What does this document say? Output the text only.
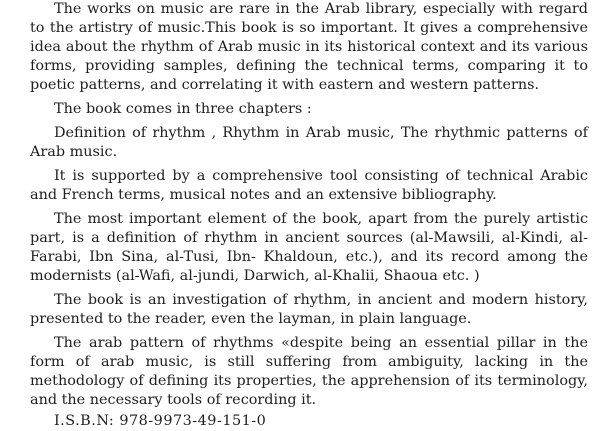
The works on music are rare in the Arab library, especially with regard to the artistry of music.This book is so important. It gives a comprehensive idea about the rhythm of Arab music in its historical context and its various forms, providing samples, defining the technical terms, comparing it to poetic patterns, and correlating it with eastern and western patterns.

The book comes in three chapters :

Definition of rhythm , Rhythm in Arab music, The rhythmic patterns of Arab music.

It is supported by a comprehensive tool consisting of technical Arabic and French terms, musical notes and an extensive bibliography.

The most important element of the book, apart from the purely artistic part, is a definition of rhythm in ancient sources (al-Mawsili, al-Kindi, al- Farabi, Ibn Sina, al-Tusi, Ibn- Khaldoun, etc.), and its record among the modernists (al-Wafi, al-jundi, Darwich, al-Khalii, Shaoua etc. )

The book is an investigation of rhythm, in ancient and modern history, presented to the reader, even the layman, in plain language.

The arab pattern of rhythms «despite being an essential pillar in the form of arab music, is still suffering from ambiguity, lacking in the methodology of defining its properties, the apprehension of its terminology, and the necessary tools of recording it.

I.S.B.N: 978-9973-49-151-0
